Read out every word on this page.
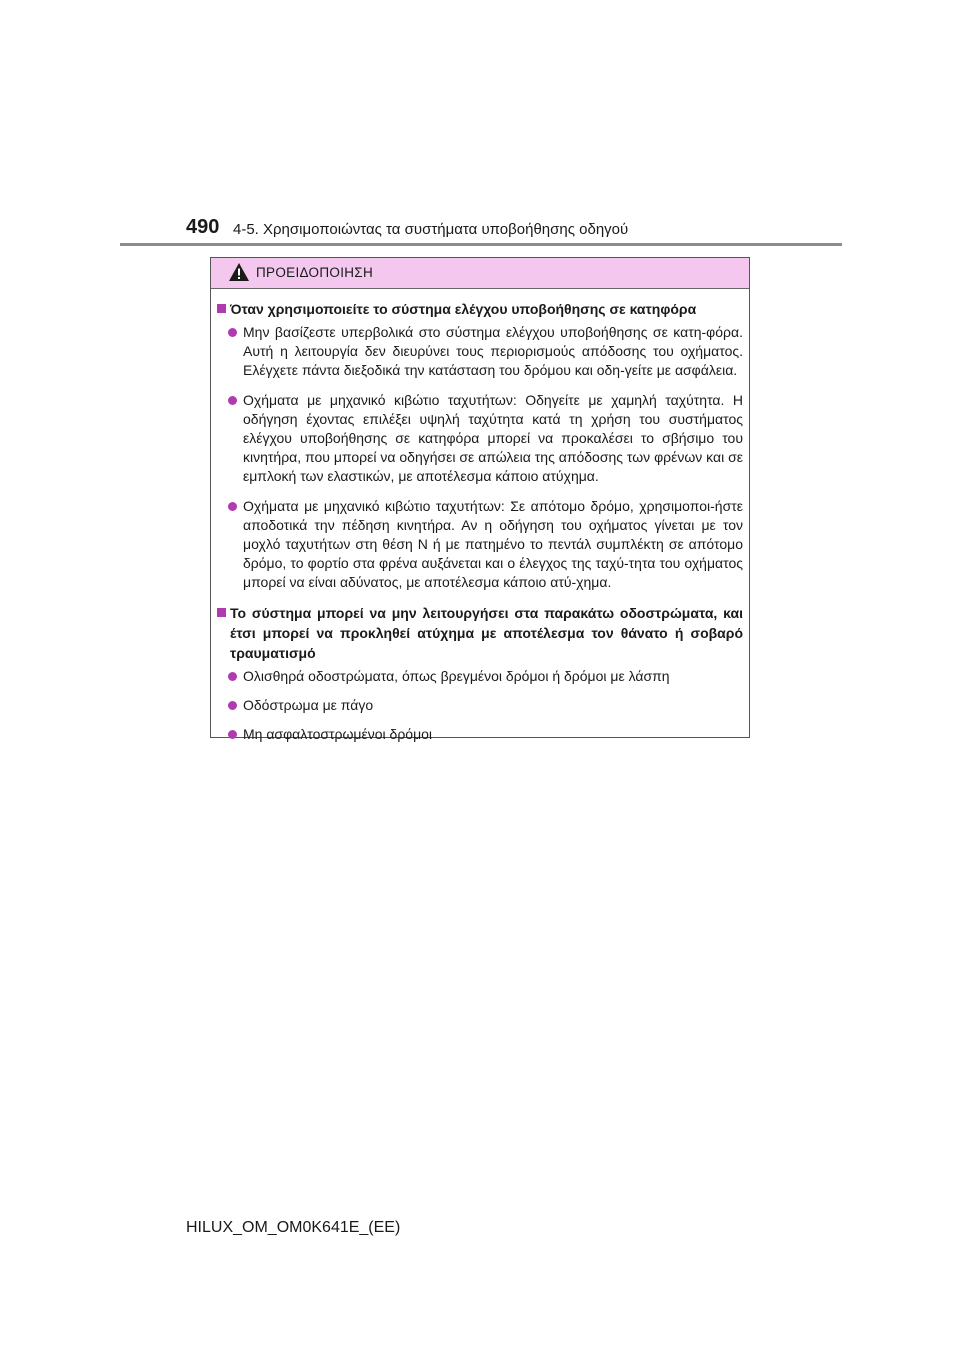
490 4-5. Χρησιμοποιώντας τα συστήματα υποβοήθησης οδηγού
ΠΡΟΕΙΔΟΠΟΙΗΣΗ
Όταν χρησιμοποιείτε το σύστημα ελέγχου υποβοήθησης σε κατηφόρα
Μην βασίζεστε υπερβολικά στο σύστημα ελέγχου υποβοήθησης σε κατη-φόρα. Αυτή η λειτουργία δεν διευρύνει τους περιορισμούς απόδοσης του οχήματος. Ελέγχετε πάντα διεξοδικά την κατάσταση του δρόμου και οδη-γείτε με ασφάλεια.
Οχήματα με μηχανικό κιβώτιο ταχυτήτων: Οδηγείτε με χαμηλή ταχύτητα. Η οδήγηση έχοντας επιλέξει υψηλή ταχύτητα κατά τη χρήση του συστήματος ελέγχου υποβοήθησης σε κατηφόρα μπορεί να προκαλέσει το σβήσιμο του κινητήρα, που μπορεί να οδηγήσει σε απώλεια της απόδοσης των φρένων και σε εμπλοκή των ελαστικών, με αποτέλεσμα κάποιο ατύχημα.
Οχήματα με μηχανικό κιβώτιο ταχυτήτων: Σε απότομο δρόμο, χρησιμοποι-ήστε αποδοτικά την πέδηση κινητήρα. Αν η οδήγηση του οχήματος γίνεται με τον μοχλό ταχυτήτων στη θέση N ή με πατημένο το πεντάλ συμπλέκτη σε απότομο δρόμο, το φορτίο στα φρένα αυξάνεται και ο έλεγχος της ταχύ-τητα του οχήματος μπορεί να είναι αδύνατος, με αποτέλεσμα κάποιο ατύ-χημα.
Το σύστημα μπορεί να μην λειτουργήσει στα παρακάτω οδοστρώματα, και έτσι μπορεί να προκληθεί ατύχημα με αποτέλεσμα τον θάνατο ή σοβαρό τραυματισμό
Ολισθηρά οδοστρώματα, όπως βρεγμένοι δρόμοι ή δρόμοι με λάσπη
Οδόστρωμα με πάγο
Μη ασφαλτοστρωμένοι δρόμοι
HILUX_OM_OM0K641E_(EE)
